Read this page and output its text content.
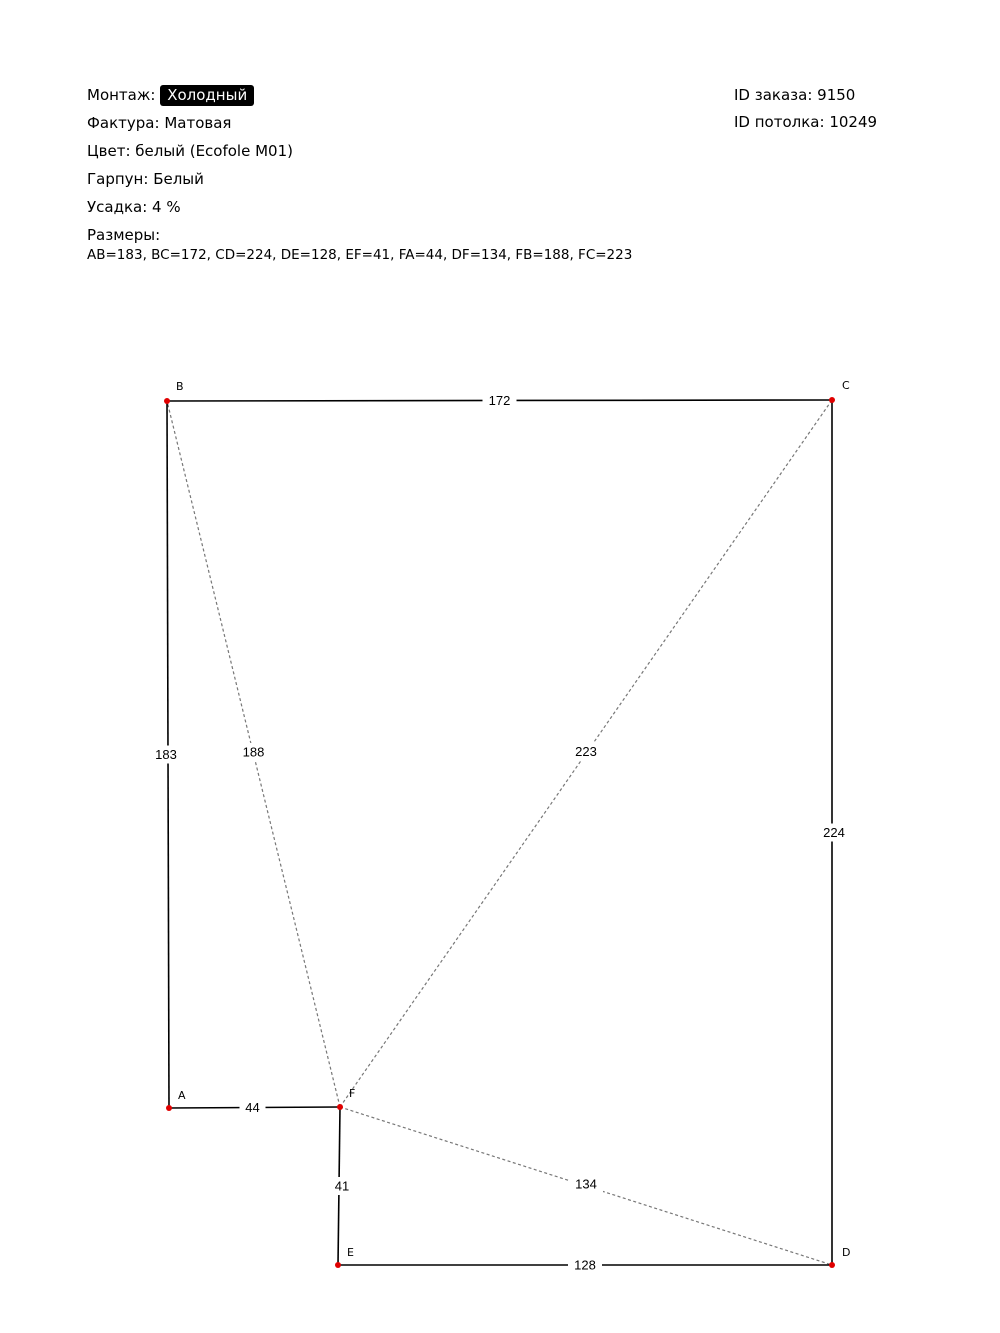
Монтаж: Холодный
Фактура: Матовая
Цвет: белый (Ecofole M01)
Гарпун: Белый
Усадка: 4 %
Размеры:
AB=183, BC=172, CD=224, DE=128, EF=41, FA=44, DF=134, FB=188, FC=223
ID заказа: 9150
ID потолка: 10249
188	223
134
183
172
224
128
41
44
A
B	C
D
E
F
